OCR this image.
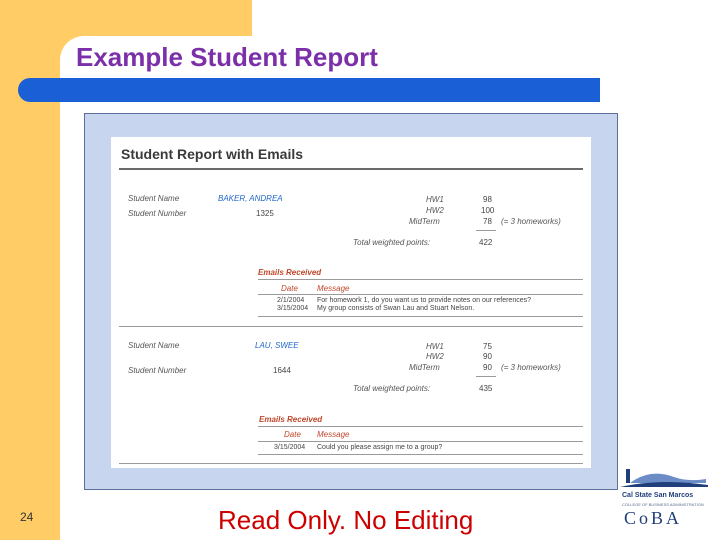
Example Student Report
Student Report with Emails
Student Name	BAKER, ANDREA
Student Number	1325
HW1	98
HW2	100
MidTerm	78 (= 3 homeworks)
Total weighted points:	422
Emails Received
Date Message
2/1/2004 For homework 1, do you want us to provide notes on our references?
3/15/2004 My group consists of Swan Lau and Stuart Nelson.
Student Name	LAU, SWEE
Student Number	1644
HW1	75
HW2	90
MidTerm	90 (= 3 homeworks)
Total weighted points:	435
Emails Received
Date Message
3/15/2004 Could you please assign me to a group?
24	Read Only. No Editing
Cal State San Marcos
COLLEGE OF BUSINESS ADMINISTRATION
CoBA
